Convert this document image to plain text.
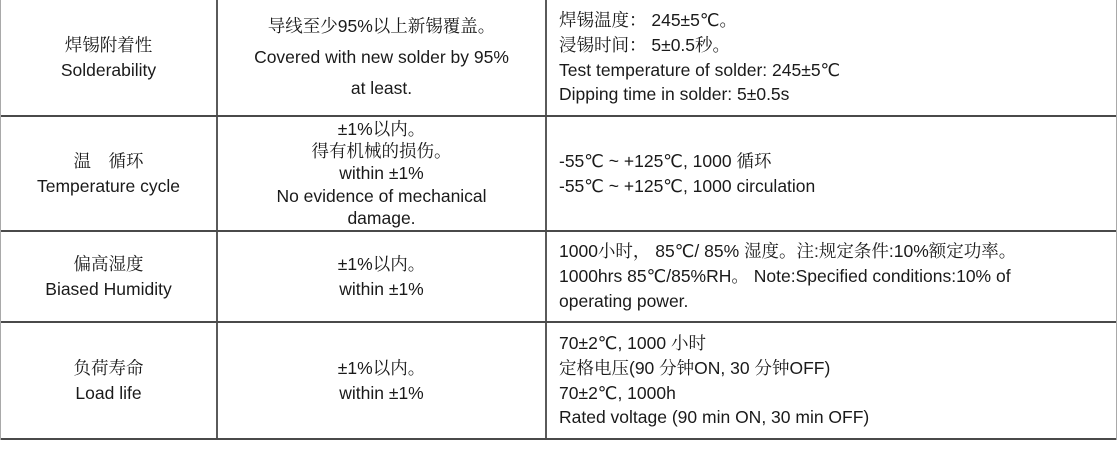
焊锡附着性
Solderability
导线至少95%以上新锡覆盖。
Covered with new solder by 95%
at least.
焊锡温度： 245±5℃。
浸锡时间： 5±0.5秒。
Test temperature of solder: 245±5℃
Dipping time in solder: 5±0.5s
温　循环
Temperature cycle
±1%以内。
得有机械的损伤。
within ±1%
No evidence of mechanical
damage.
-55℃ ~ +125℃, 1000 循环
-55℃ ~ +125℃, 1000 circulation
偏高湿度
Biased Humidity
±1%以内。
within ±1%
1000小时， 85℃/ 85% 湿度。注:规定条件:10%额定功率。
1000hrs 85℃/85%RH。 Note:Specified conditions:10% of
operating power.
负荷寿命
Load life
±1%以内。
within ±1%
70±2℃, 1000 小时
定格电压(90 分钟ON, 30 分钟OFF)
70±2℃, 1000h
Rated voltage (90 min ON, 30 min OFF)
